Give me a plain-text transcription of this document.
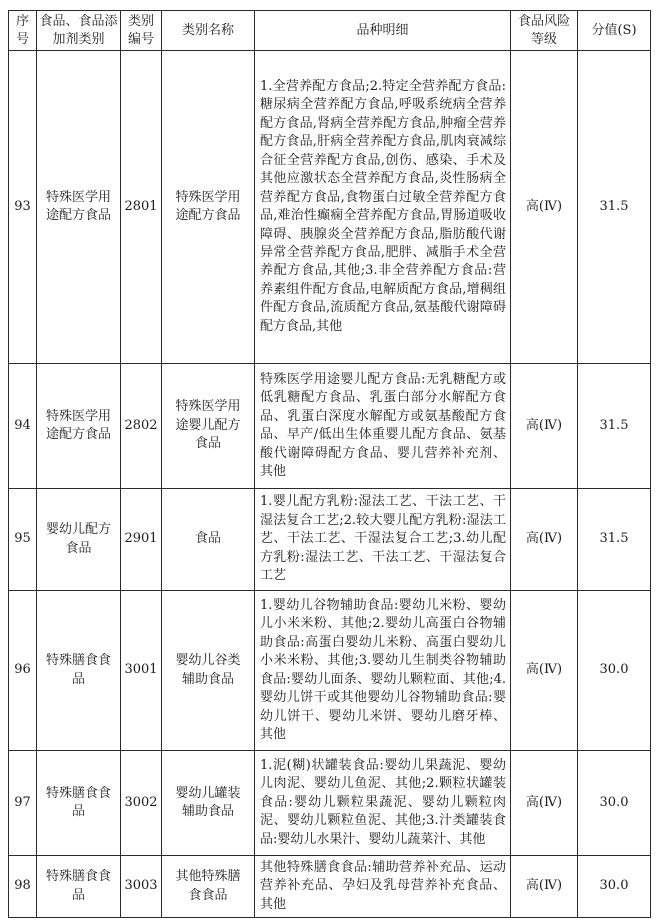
序 号	食品、食品添加剂类别	类别编号	类别名称	品种明细	食品风险等级	分值(S)
93	特殊医学用途配方食品	2801	特殊医学用途配方食品	1.全营养配方食品;2.特定全营养配方食品:糖尿病全营养配方食品,呼吸系统病全营养配方食品,肾病全营养配方食品,肿瘤全营养配方食品,肝病全营养配方食品,肌肉衰减综合征全营养配方食品,创伤、感染、手术及其他应激状态全营养配方食品,炎性肠病全营养配方食品,食物蛋白过敏全营养配方食品,难治性癫痫全营养配方食品,胃肠道吸收障碍、胰腺炎全营养配方食品,脂肪酸代谢异常全营养配方食品,肥胖、减脂手术全营养配方食品,其他;3.非全营养配方食品:营养素组件配方食品,电解质配方食品,增稠组件配方食品,流质配方食品,氨基酸代谢障碍配方食品,其他	高(Ⅳ)	31.5
94	特殊医学用途配方食品	2802	特殊医学用途婴儿配方食品	特殊医学用途婴儿配方食品:无乳糖配方或低乳糖配方食品、乳蛋白部分水解配方食品、乳蛋白深度水解配方或氨基酸配方食品、早产/低出生体重婴儿配方食品、氨基酸代谢障碍配方食品、婴儿营养补充剂、其他	高(Ⅳ)	31.5
95	婴幼儿配方食品	2901	食品	1.婴儿配方乳粉:湿法工艺、干法工艺、干湿法复合工艺;2.较大婴儿配方乳粉:湿法工艺、干法工艺、干湿法复合工艺;3.幼儿配方乳粉:湿法工艺、干法工艺、干湿法复合工艺	高(Ⅳ)	31.5
96	特殊膳食食品	3001	婴幼儿谷类辅助食品	1.婴幼儿谷物辅助食品:婴幼儿米粉、婴幼儿小米米粉、其他;2.婴幼儿高蛋白谷物辅助食品:高蛋白婴幼儿米粉、高蛋白婴幼儿小米米粉、其他;3.婴幼儿生制类谷物辅助食品:婴幼儿面条、婴幼儿颗粒面、其他;4.婴幼儿饼干或其他婴幼儿谷物辅助食品:婴幼儿饼干、婴幼儿米饼、婴幼儿磨牙棒、其他	高(Ⅳ)	30.0
97	特殊膳食食品	3002	婴幼儿罐装辅助食品	1.泥(糊)状罐装食品:婴幼儿果蔬泥、婴幼儿肉泥、婴幼儿鱼泥、其他;2.颗粒状罐装食品:婴幼儿颗粒果蔬泥、婴幼儿颗粒肉泥、婴幼儿颗粒鱼泥、其他;3.汁类罐装食品:婴幼儿水果汁、婴幼儿蔬菜汁、其他	高(Ⅳ)	30.0
98	特殊膳食食品	3003	其他特殊膳食食品	其他特殊膳食食品:辅助营养补充品、运动营养补充品、孕妇及乳母营养补充食品、其他	高(Ⅳ)	30.0
